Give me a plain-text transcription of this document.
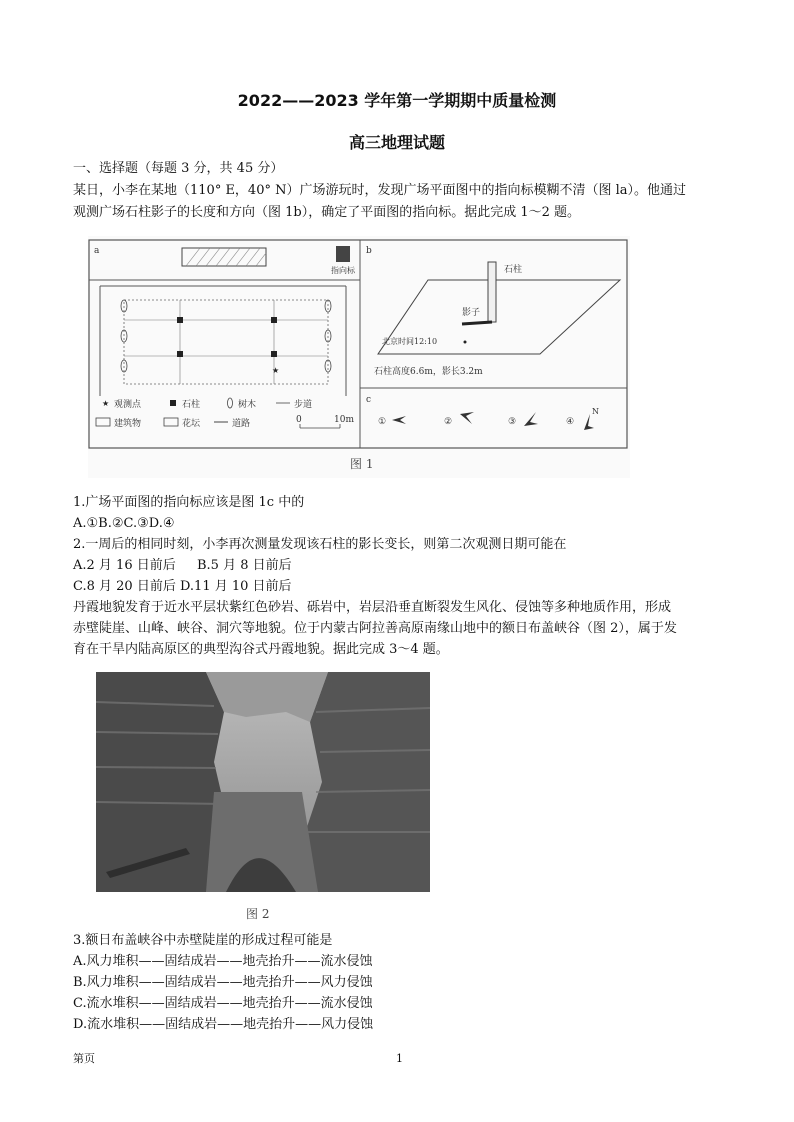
2022——2023 学年第一学期期中质量检测
高三地理试题
一、选择题（每题 3 分，共 45 分）
某日，小李在某地（110° E，40° N）广场游玩时，发现广场平面图中的指向标模糊不清（图 la）。他通过
观测广场石柱影子的长度和方向（图 1b），确定了平面图的指向标。据此完成 1～2 题。
a
指向标
★
★ 观测点	石柱	树木	步道
建筑物	花坛	道路	0	10m
b
石柱
影子
北京时间12:10
石柱高度6.6m，影长3.2m
c
①	②	③	④
N
图 1
1.广场平面图的指向标应该是图 1c 中的
A.①B.②C.③D.④
2.一周后的相同时刻，小李再次测量发现该石柱的影长变长，则第二次观测日期可能在
A.2 月 16 日前后 B.5 月 8 日前后
C.8 月 20 日前后 D.11 月 10 日前后
丹霞地貌发育于近水平层状紫红色砂岩、砾岩中，岩层沿垂直断裂发生风化、侵蚀等多种地质作用，形成
赤壁陡崖、山峰、峡谷、洞穴等地貌。位于内蒙古阿拉善高原南缘山地中的额日布盖峡谷（图 2），属于发
育在干旱内陆高原区的典型沟谷式丹霞地貌。据此完成 3～4 题。
图 2
3.额日布盖峡谷中赤壁陡崖的形成过程可能是
A.风力堆积——固结成岩——地壳抬升——流水侵蚀
B.风力堆积——固结成岩——地壳抬升——风力侵蚀
C.流水堆积——固结成岩——地壳抬升——流水侵蚀
D.流水堆积——固结成岩——地壳抬升——风力侵蚀
第页	1
